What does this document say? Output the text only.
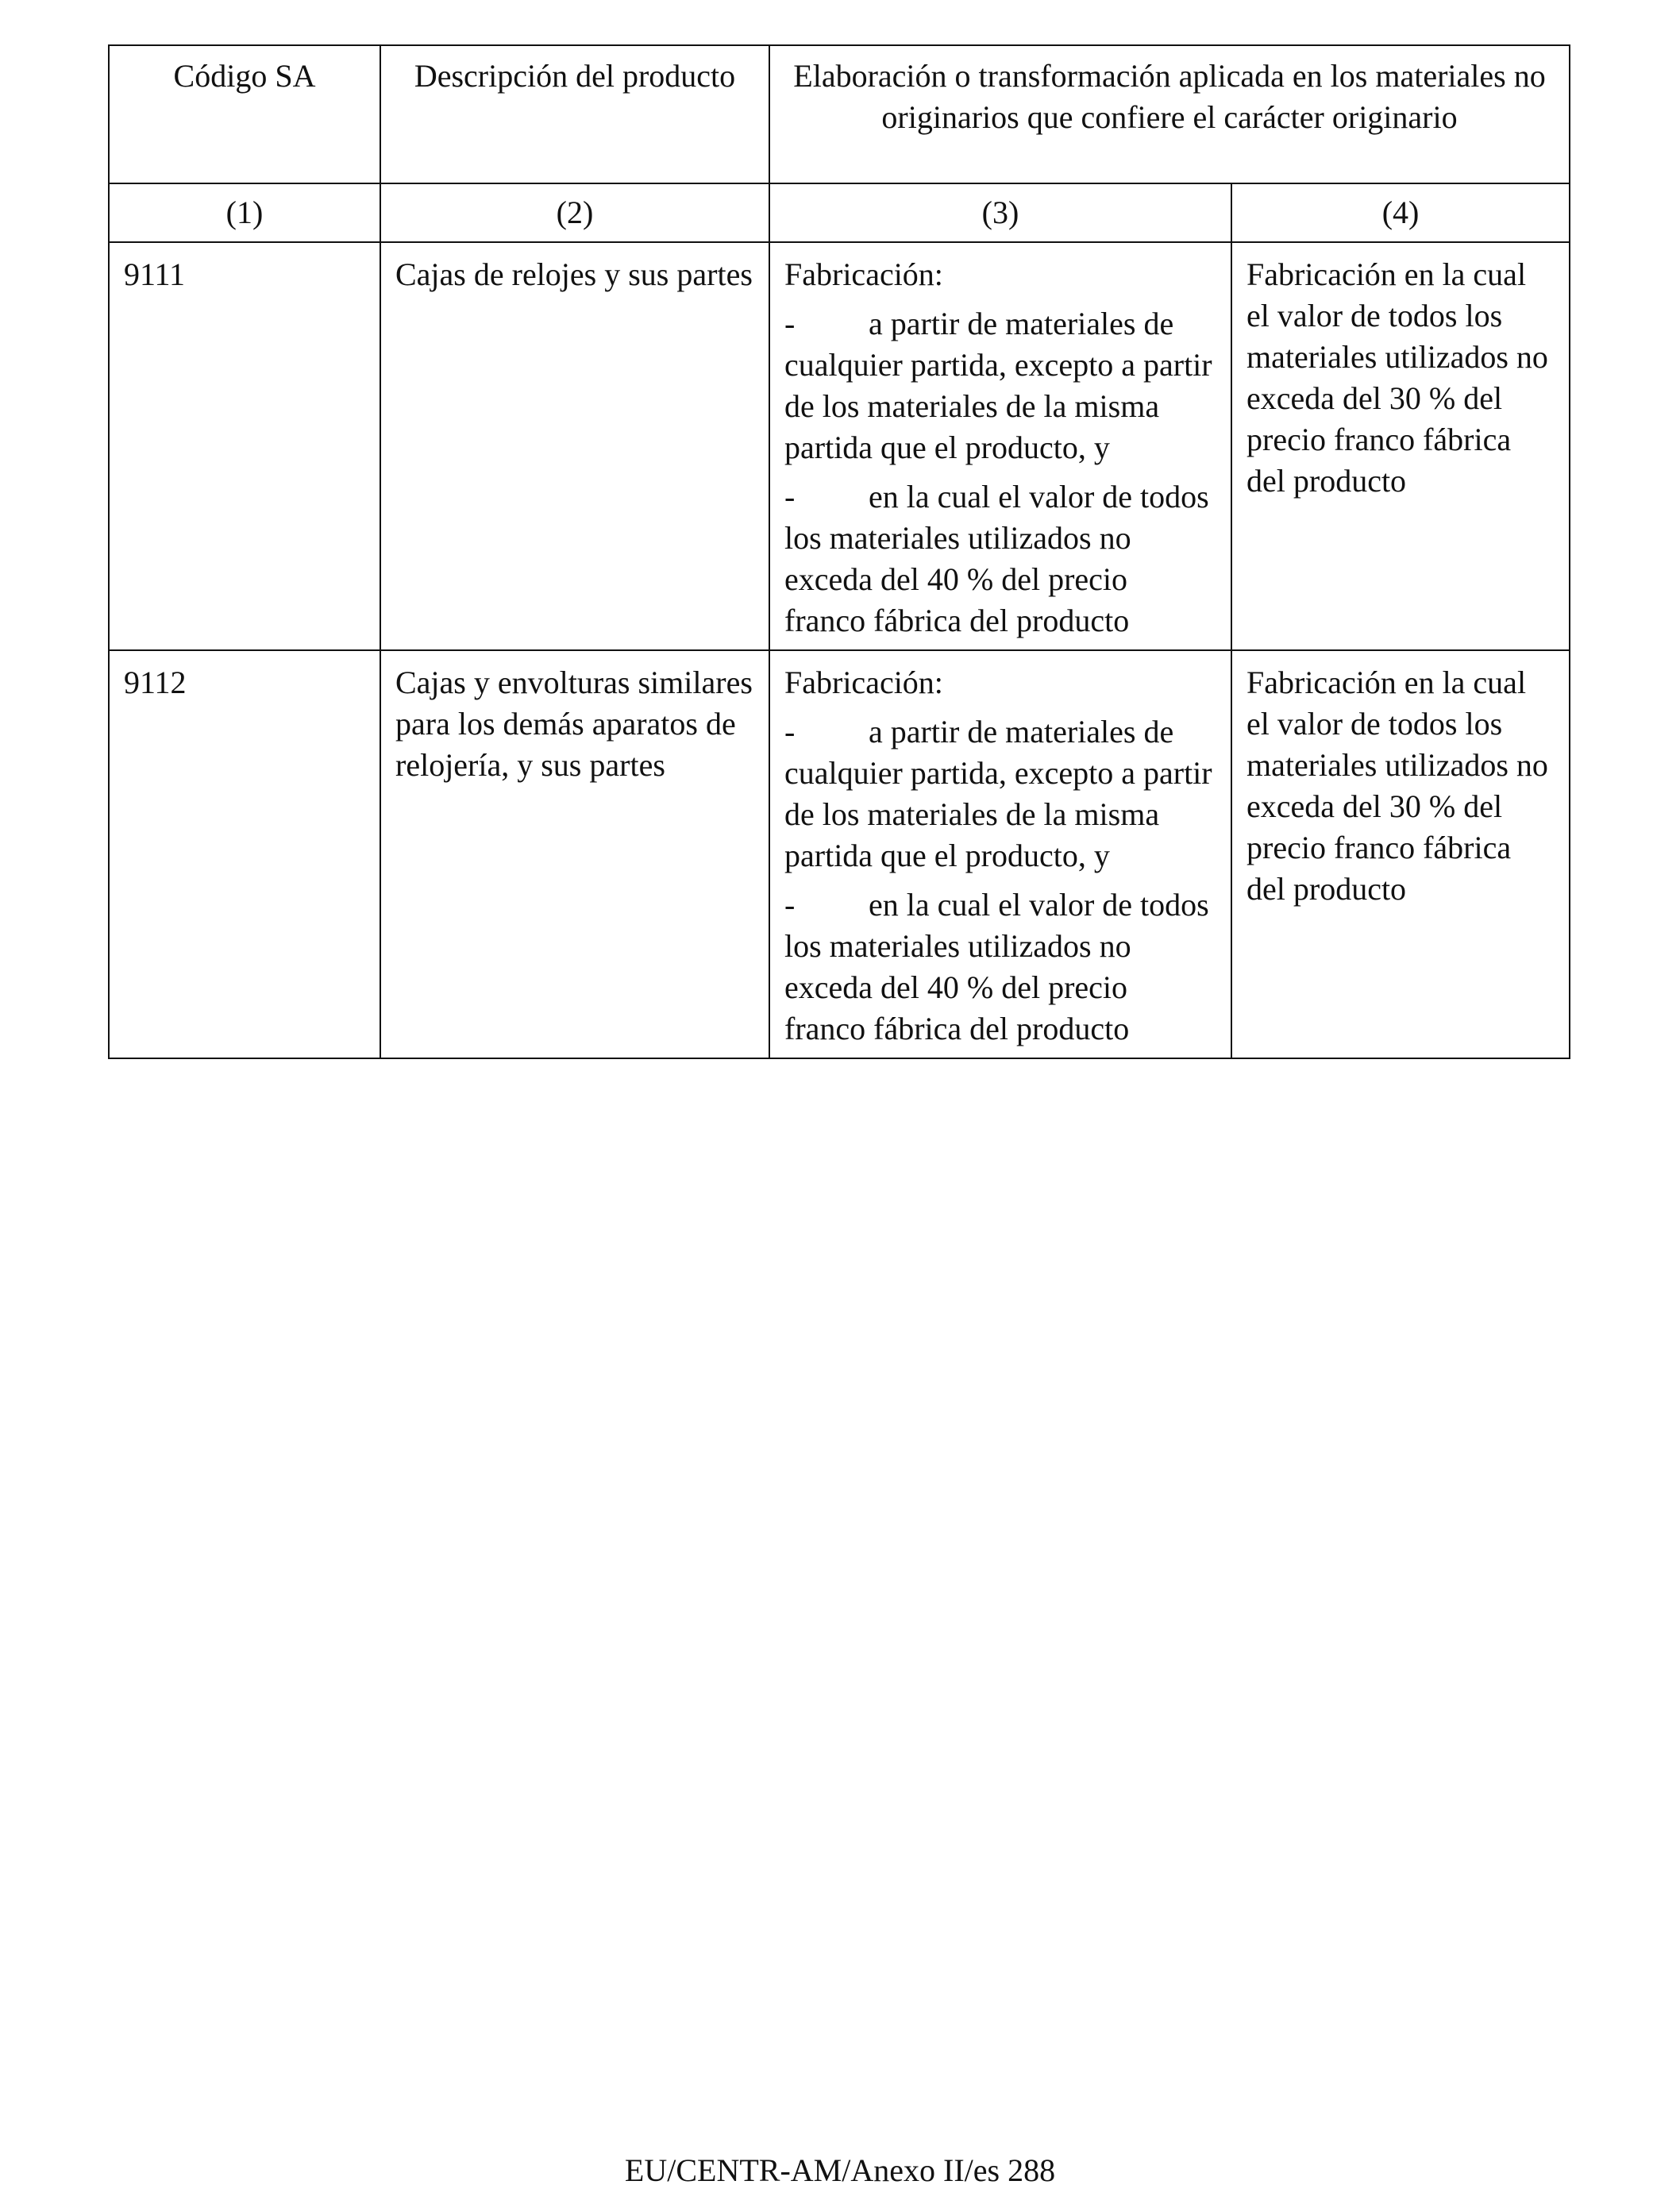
Código SA	Descripción del producto	Elaboración o transformación aplicada en los materiales no originarios que confiere el carácter originario	
(1)	(2)	(3)	(4)
9111	Cajas de relojes y sus partes	Fabricación:

- a partir de materiales de cualquier partida, excepto a partir de los materiales de la misma partida que el producto, y

- en la cual el valor de todos los materiales utilizados no exceda del 40 % del precio franco fábrica del producto	Fabricación en la cual el valor de todos los materiales utilizados no exceda del 30 % del precio franco fábrica del producto
9112	Cajas y envolturas similares para los demás aparatos de relojería, y sus partes	Fabricación:

- a partir de materiales de cualquier partida, excepto a partir de los materiales de la misma partida que el producto, y

- en la cual el valor de todos los materiales utilizados no exceda del 40 % del precio franco fábrica del producto	Fabricación en la cual el valor de todos los materiales utilizados no exceda del 30 % del precio franco fábrica del producto
EU/CENTR-AM/Anexo II/es 288
